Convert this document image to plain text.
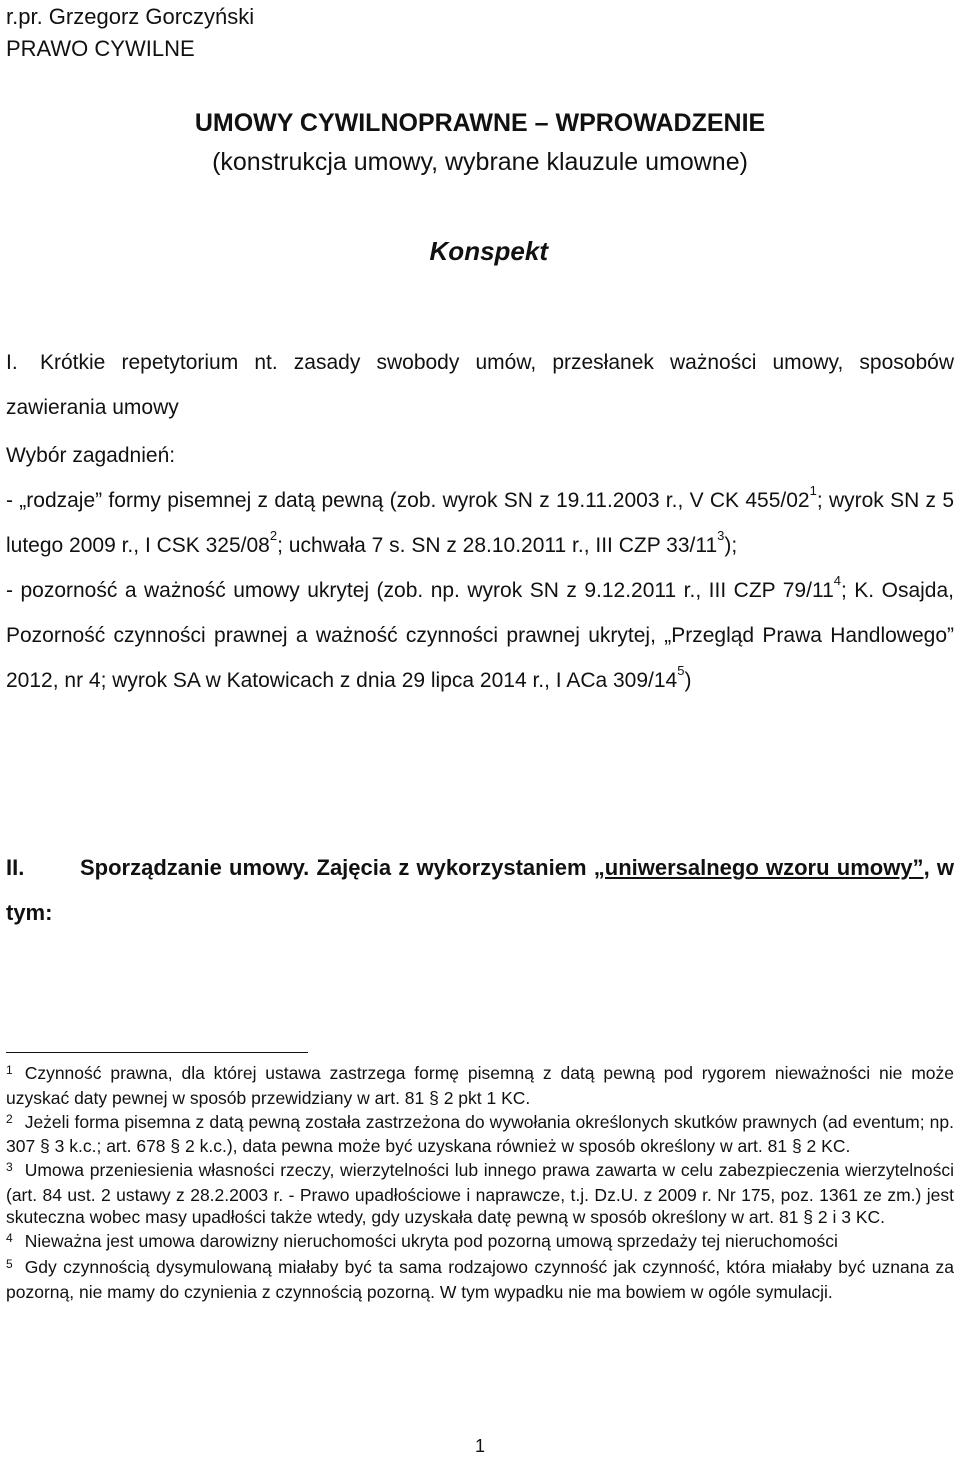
r.pr. Grzegorz Gorczyński
PRAWO CYWILNE
UMOWY CYWILNOPRAWNE – WPROWADZENIE
(konstrukcja umowy, wybrane klauzule umowne)
Konspekt
I. Krótkie repetytorium nt. zasady swobody umów, przesłanek ważności umowy, sposobów zawierania umowy
Wybór zagadnień:
- „rodzaje” formy pisemnej z datą pewną (zob. wyrok SN z 19.11.2003 r., V CK $455/02^1$; wyrok SN z 5 lutego 2009 r., I CSK $325/08^2$; uchwała 7 s. SN z 28.10.2011 r., III CZP $33/11^3$);
- pozorność a ważność umowy ukrytej (zob. np. wyrok SN z 9.12.2011 r., III CZP $79/11^4$; K. Osajda, Pozorność czynności prawnej a ważność czynności prawnej ukrytej, „Przegląd Prawa Handlowego” 2012, nr 4; wyrok SA w Katowicach z dnia 29 lipca 2014 r., I ACa $309/14^5$)
II.	Sporządzanie umowy. Zajęcia z wykorzystaniem „uniwersalnego wzoru umowy”, w tym:
$^1$ Czynność prawna, dla której ustawa zastrzega formę pisemną z datą pewną pod rygorem nieważności nie może uzyskać daty pewnej w sposób przewidziany w art. 81 § 2 pkt 1 KC.
$^2$ Jeżeli forma pisemna z datą pewną została zastrzeżona do wywołania określonych skutków prawnych (ad eventum; np. 307 § 3 k.c.; art. 678 § 2 k.c.), data pewna może być uzyskana również w sposób określony w art. 81 § 2 KC.
$^3$ Umowa przeniesienia własności rzeczy, wierzytelności lub innego prawa zawarta w celu zabezpieczenia wierzytelności (art. 84 ust. 2 ustawy z 28.2.2003 r. - Prawo upadłościowe i naprawcze, t.j. Dz.U. z 2009 r. Nr 175, poz. 1361 ze zm.) jest skuteczna wobec masy upadłości także wtedy, gdy uzyskała datę pewną w sposób określony w art. 81 § 2 i 3 KC.
$^4$ Nieważna jest umowa darowizny nieruchomości ukryta pod pozorną umową sprzedaży tej nieruchomości
$^5$ Gdy czynnością dysymulowaną miałaby być ta sama rodzajowo czynność jak czynność, która miałaby być uznana za pozorną, nie mamy do czynienia z czynnością pozorną. W tym wypadku nie ma bowiem w ogóle symulacji.
1
